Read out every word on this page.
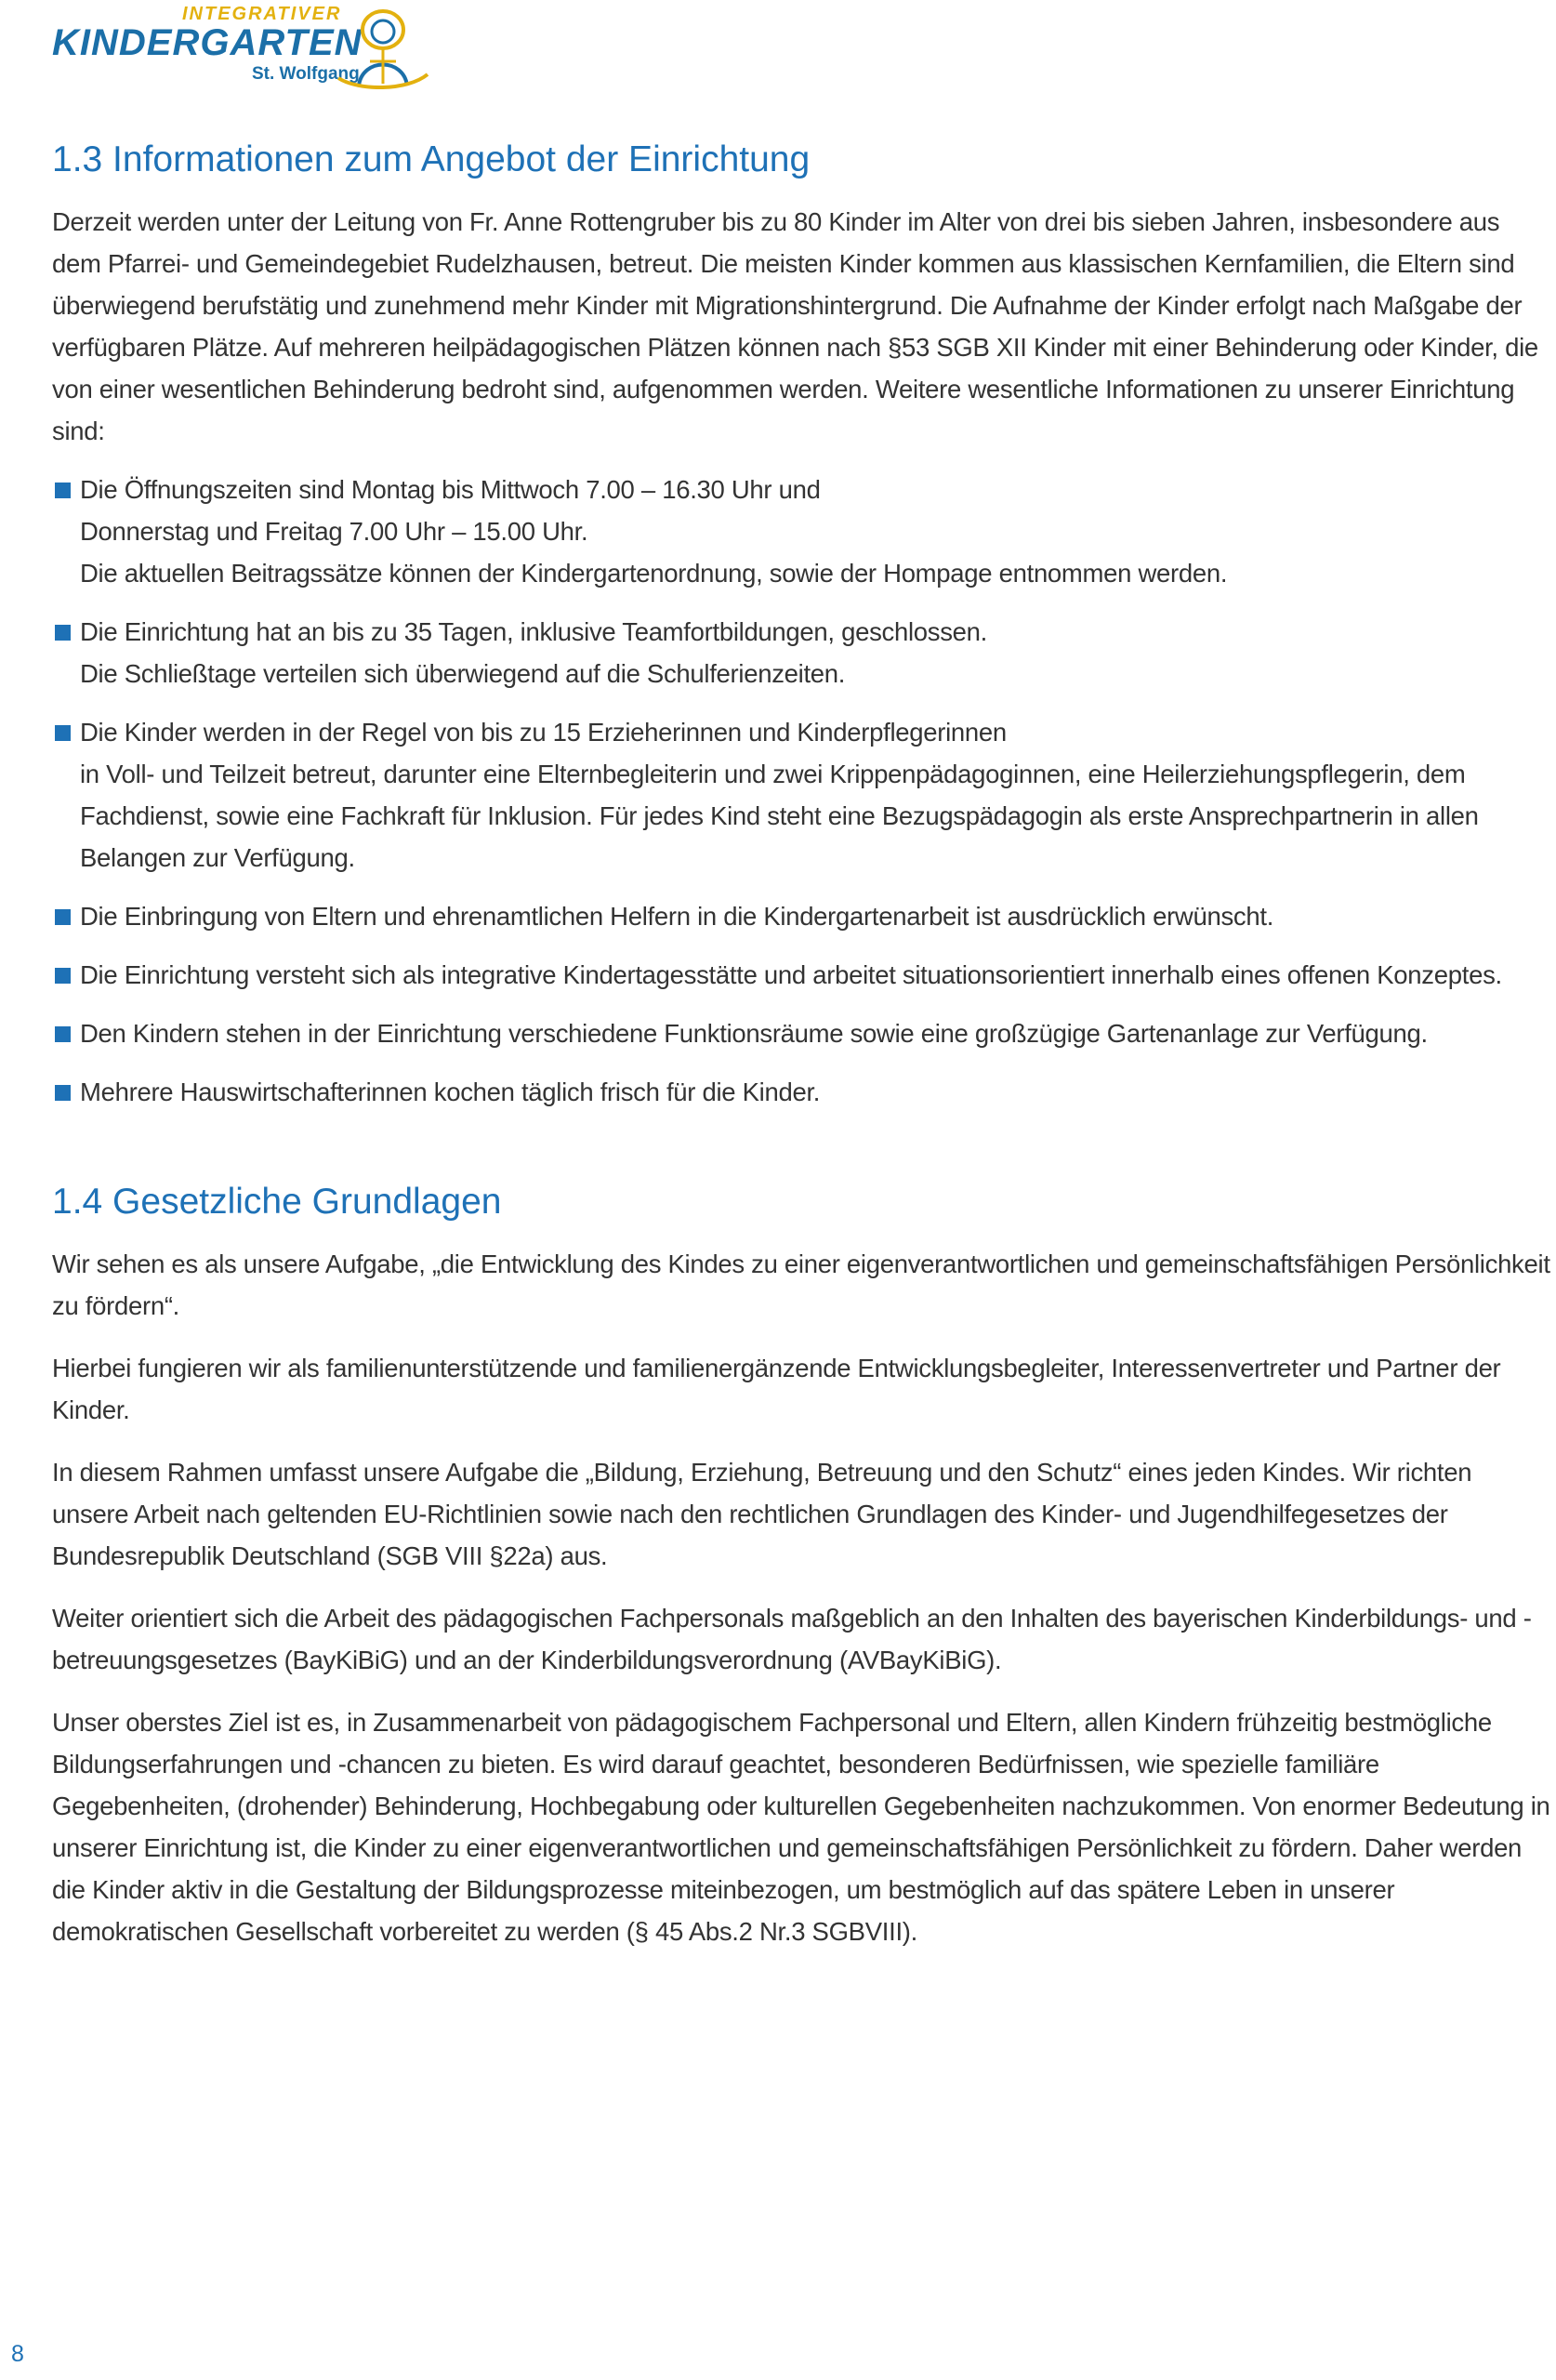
INTEGRATIVER
KINDERGARTEN
St. Wolfgang
1.3 Informationen zum Angebot der Einrichtung

Derzeit werden unter der Leitung von Fr. Anne Rottengruber bis zu 80 Kinder im Alter von drei bis sieben Jahren, insbesondere aus dem Pfarrei- und Gemeindegebiet Rudelzhausen, betreut. Die meisten Kinder kommen aus klassischen Kernfamilien, die Eltern sind überwiegend berufstätig und zunehmend mehr Kinder mit Migrationshintergrund. Die Aufnahme der Kinder erfolgt nach Maßgabe der verfügbaren Plätze. Auf mehreren heilpädagogischen Plätzen können nach §53 SGB XII Kinder mit einer Behinderung oder Kinder, die von einer wesentlichen Behinderung bedroht sind, aufgenommen werden. Weitere wesentliche Informationen zu unserer Einrichtung sind:

Die Öffnungszeiten sind Montag bis Mittwoch 7.00 – 16.30 Uhr und
Donnerstag und Freitag 7.00 Uhr – 15.00 Uhr.
Die aktuellen Beitragssätze können der Kindergartenordnung, sowie der Hompage entnommen werden.
Die Einrichtung hat an bis zu 35 Tagen, inklusive Teamfortbildungen, geschlossen.
Die Schließtage verteilen sich überwiegend auf die Schulferienzeiten.
Die Kinder werden in der Regel von bis zu 15 Erzieherinnen und Kinderpflegerinnen
in Voll- und Teilzeit betreut, darunter eine Elternbegleiterin und zwei Krippenpädagoginnen, eine Heilerziehungspflegerin, dem Fachdienst, sowie eine Fachkraft für Inklusion. Für jedes Kind steht eine Bezugspädagogin als erste Ansprechpartnerin in allen Belangen zur Verfügung.
Die Einbringung von Eltern und ehrenamtlichen Helfern in die Kindergartenarbeit ist ausdrücklich erwünscht.
Die Einrichtung versteht sich als integrative Kindertagesstätte und arbeitet situationsorientiert innerhalb eines offenen Konzeptes.
Den Kindern stehen in der Einrichtung verschiedene Funktionsräume sowie eine großzügige Gartenanlage zur Verfügung.
Mehrere Hauswirtschafterinnen kochen täglich frisch für die Kinder.
1.4 Gesetzliche Grundlagen

Wir sehen es als unsere Aufgabe, „die Entwicklung des Kindes zu einer eigenverantwortlichen und gemeinschaftsfähigen Persönlichkeit zu fördern“.

Hierbei fungieren wir als familienunterstützende und familienergänzende Entwicklungsbegleiter, Interessenvertreter und Partner der Kinder.

In diesem Rahmen umfasst unsere Aufgabe die „Bildung, Erziehung, Betreuung und den Schutz“ eines jeden Kindes. Wir richten unsere Arbeit nach geltenden EU-Richtlinien sowie nach den rechtlichen Grundlagen des Kinder- und Jugendhilfegesetzes der Bundesrepublik Deutschland (SGB VIII §22a) aus.

Weiter orientiert sich die Arbeit des pädagogischen Fachpersonals maßgeblich an den Inhalten des bayerischen Kinderbildungs- und -betreuungsgesetzes (BayKiBiG) und an der Kinderbildungsverordnung (AVBayKiBiG).

Unser oberstes Ziel ist es, in Zusammenarbeit von pädagogischem Fachpersonal und Eltern, allen Kindern frühzeitig bestmögliche Bildungserfahrungen und -chancen zu bieten. Es wird darauf geachtet, besonderen Bedürfnissen, wie spezielle familiäre Gegebenheiten, (drohender) Behinderung, Hochbegabung oder kulturellen Gegebenheiten nachzukommen. Von enormer Bedeutung in unserer Einrichtung ist, die Kinder zu einer eigenverantwortlichen und gemeinschaftsfähigen Persönlichkeit zu fördern. Daher werden die Kinder aktiv in die Gestaltung der Bildungsprozesse miteinbezogen, um bestmöglich auf das spätere Leben in unserer demokratischen Gesellschaft vorbereitet zu werden (§ 45 Abs.2 Nr.3 SGBVIII).

8
